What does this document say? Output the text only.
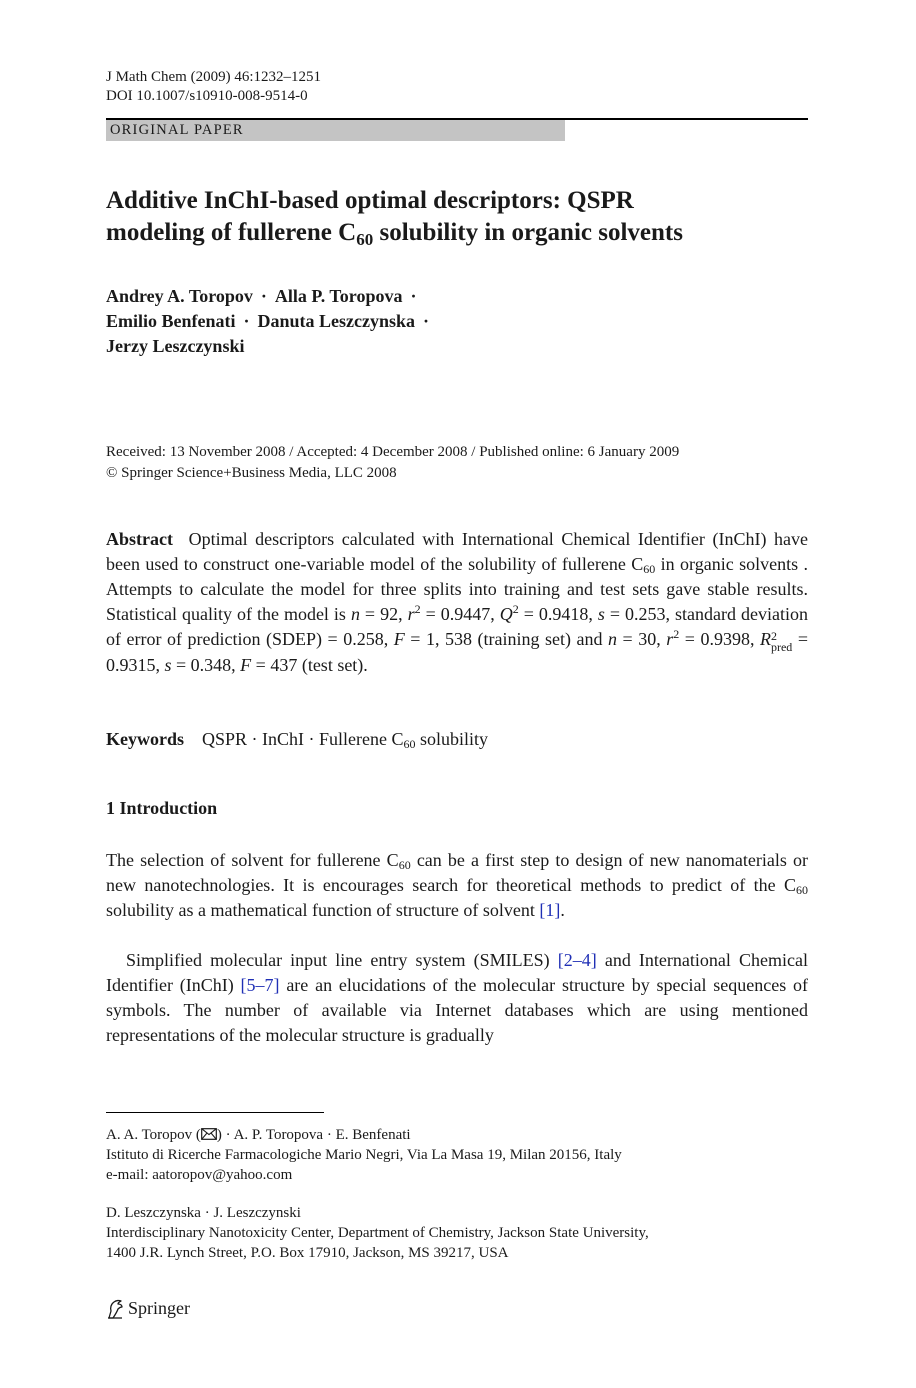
J Math Chem (2009) 46:1232–1251
DOI 10.1007/s10910-008-9514-0
ORIGINAL PAPER
Additive InChI-based optimal descriptors: QSPR
modeling of fullerene $C_{60}$ solubility in organic solvents
Andrey A. Toropov · Alla P. Toropova ·
Emilio Benfenati · Danuta Leszczynska ·
Jerzy Leszczynski
Received: 13 November 2008 / Accepted: 4 December 2008 / Published online: 6 January 2009
© Springer Science+Business Media, LLC 2008
Abstract Optimal descriptors calculated with International Chemical Identifier (InChI) have been used to construct one-variable model of the solubility of fullerene $C_{60}$ in organic solvents . Attempts to calculate the model for three splits into training and test sets gave stable results. Statistical quality of the model is n = 92, $r^2 = 0.9447$, $Q^2 = 0.9418$, s = 0.253, standard deviation of error of prediction (SDEP) = 0.258, F = 1, 538 (training set) and n = 30, $r^2 = 0.9398$, R 2
pred = 0.9315, s = 0.348, F = 437 (test set).
Keywords QSPR · InChI · Fullerene $C_{60}$ solubility
1 Introduction
The selection of solvent for fullerene $C_{60}$ can be a first step to design of new nanomaterials or new nanotechnologies. It is encourages search for theoretical methods to predict of the $C_{60}$ solubility as a mathematical function of structure of solvent [1].
Simplified molecular input line entry system (SMILES) [2–4] and International Chemical Identifier (InChI) [5–7] are an elucidations of the molecular structure by special sequences of symbols. The number of available via Internet databases which are using mentioned representations of the molecular structure is gradually
A. A. Toropov ( ) · A. P. Toropova · E. Benfenati
Istituto di Ricerche Farmacologiche Mario Negri, Via La Masa 19, Milan 20156, Italy
e-mail: aatoropov@yahoo.com
D. Leszczynska · J. Leszczynski
Interdisciplinary Nanotoxicity Center, Department of Chemistry, Jackson State University,
1400 J.R. Lynch Street, P.O. Box 17910, Jackson, MS 39217, USA
Springer
